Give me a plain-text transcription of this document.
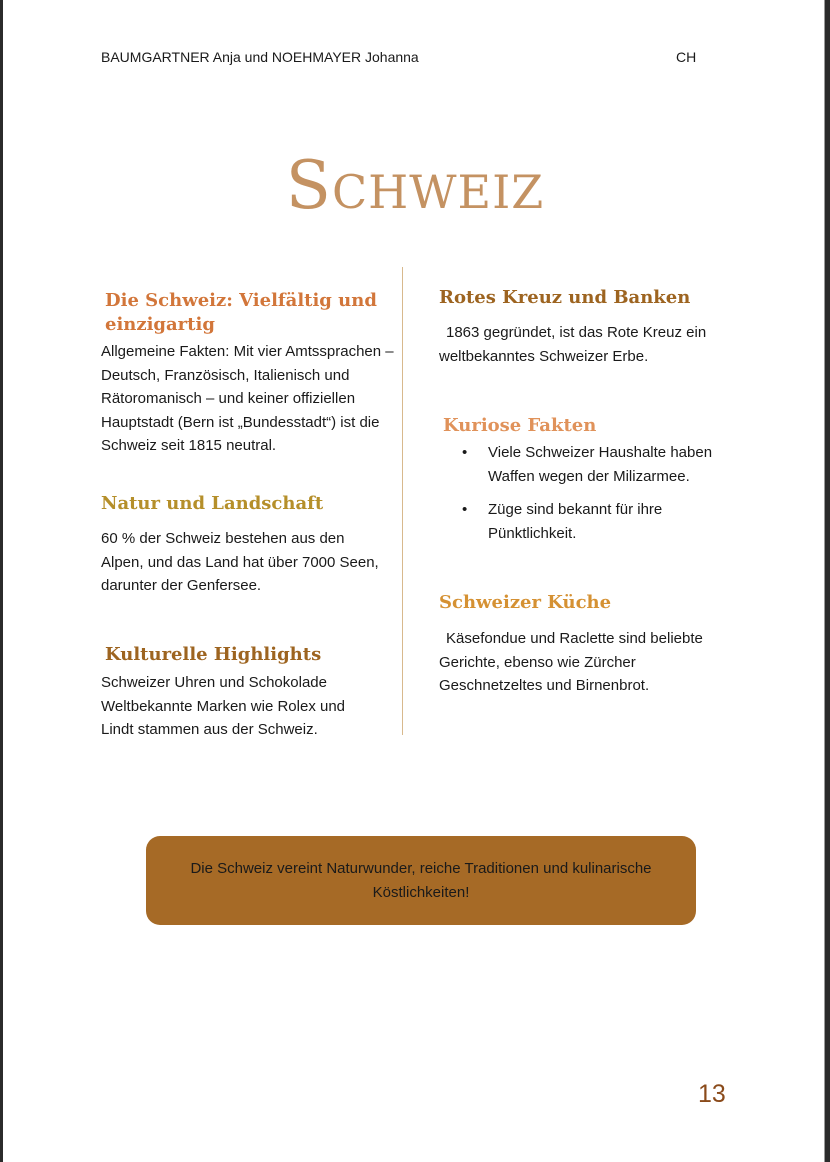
BAUMGARTNER Anja und NOEHMAYER Johanna	CH
Schweiz
Die Schweiz: Vielfältig und einzigartig
Allgemeine Fakten: Mit vier Amtssprachen – Deutsch, Französisch, Italienisch und Rätoromanisch – und keiner offiziellen Hauptstadt (Bern ist „Bundesstadt“) ist die Schweiz seit 1815 neutral.
Natur und Landschaft
60 % der Schweiz bestehen aus den Alpen, und das Land hat über 7000 Seen, darunter der Genfersee.
Kulturelle Highlights
Schweizer Uhren und Schokolade Weltbekannte Marken wie Rolex und Lindt stammen aus der Schweiz.
Rotes Kreuz und Banken
1863 gegründet, ist das Rote Kreuz ein weltbekanntes Schweizer Erbe.
Kuriose Fakten
• Viele Schweizer Haushalte haben Waffen wegen der Milizarmee.
• Züge sind bekannt für ihre Pünktlichkeit.
Schweizer Küche
Käsefondue und Raclette sind beliebte Gerichte, ebenso wie Zürcher Geschnetzeltes und Birnenbrot.
Die Schweiz vereint Naturwunder, reiche Traditionen und kulinarische Köstlichkeiten!
13
